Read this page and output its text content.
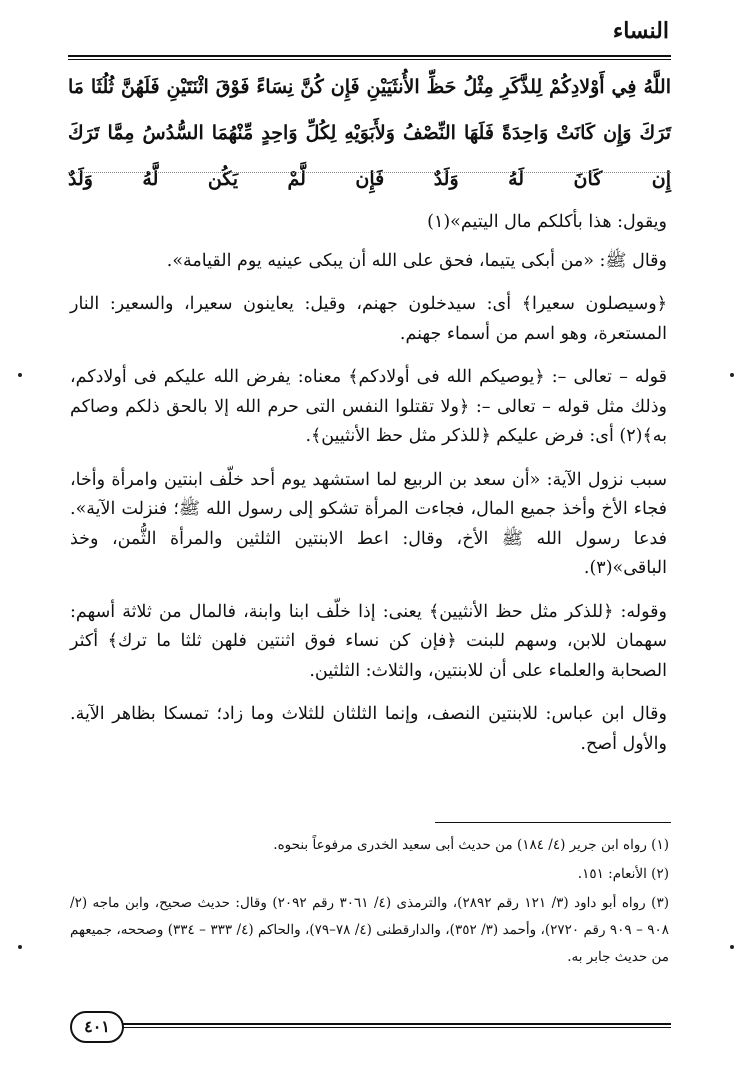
النساء
اللَّهُ فِي أَوْلادِكُمْ لِلذَّكَرِ مِثْلُ حَظِّ الأُنثَيَيْنِ فَإِن كُنَّ نِسَاءً فَوْقَ اثْنَتَيْنِ فَلَهُنَّ ثُلُثَا مَا تَرَكَ وَإِن كَانَتْ وَاحِدَةً فَلَهَا النِّصْفُ وَلأَبَوَيْهِ لِكُلِّ وَاحِدٍ مِّنْهُمَا السُّدُسُ مِمَّا تَرَكَ إِن كَانَ لَهُ وَلَدٌ فَإِن لَّمْ يَكُن لَّهُ وَلَدٌ

ويقول: هذا بأكلكم مال اليتيم»(١)

وقال ﷺ: «من أبكى يتيما، فحق على الله أن يبكى عينيه يوم القيامة».

﴿وسيصلون سعيرا﴾ أى: سيدخلون جهنم، وقيل: يعاينون سعيرا، والسعير: النار المستعرة، وهو اسم من أسماء جهنم.

قوله – تعالى –: ﴿يوصيكم الله فى أولادكم﴾ معناه: يفرض الله عليكم فى أولادكم، وذلك مثل قوله – تعالى –: ﴿ولا تقتلوا النفس التى حرم الله إلا بالحق ذلكم وصاكم به﴾(٢) أى: فرض عليكم ﴿للذكر مثل حظ الأنثيين﴾.

سبب نزول الآية: «أن سعد بن الربيع لما استشهد يوم أحد خلّف ابنتين وامرأة وأخا، فجاء الأخ وأخذ جميع المال، فجاءت المرأة تشكو إلى رسول الله ﷺ؛ فنزلت الآية». فدعا رسول الله ﷺ الأخ، وقال: اعط الابنتين الثلثين والمرأة الثُّمن، وخذ الباقى»(٣).

وقوله: ﴿للذكر مثل حظ الأنثيين﴾ يعنى: إذا خلّف ابنا وابنة، فالمال من ثلاثة أسهم: سهمان للابن، وسهم للبنت ﴿فإن كن نساء فوق اثنتين فلهن ثلثا ما ترك﴾ أكثر الصحابة والعلماء على أن للابنتين، والثلاث: الثلثين.

وقال ابن عباس: للابنتين النصف، وإنما الثلثان للثلاث وما زاد؛ تمسكا بظاهر الآية. والأول أصح.

(١) رواه ابن جرير (٤/ ١٨٤) من حديث أبى سعيد الخدرى مرفوعاً بنحوه.

(٢) الأنعام: ١٥١.

(٣) رواه أبو داود (٣/ ١٢١ رقم ٢٨٩٢)، والترمذى (٤/ ٣٠٦١ رقم ٢٠٩٢) وقال: حديث صحيح، وابن ماجه (٢/ ٩٠٨ – ٩٠٩ رقم ٢٧٢٠)، وأحمد (٣/ ٣٥٢)، والدارقطنى (٤/ ٧٨–٧٩)، والحاكم (٤/ ٣٣٣ – ٣٣٤) وصححه، جميعهم من حديث جابر به.

٤٠١
